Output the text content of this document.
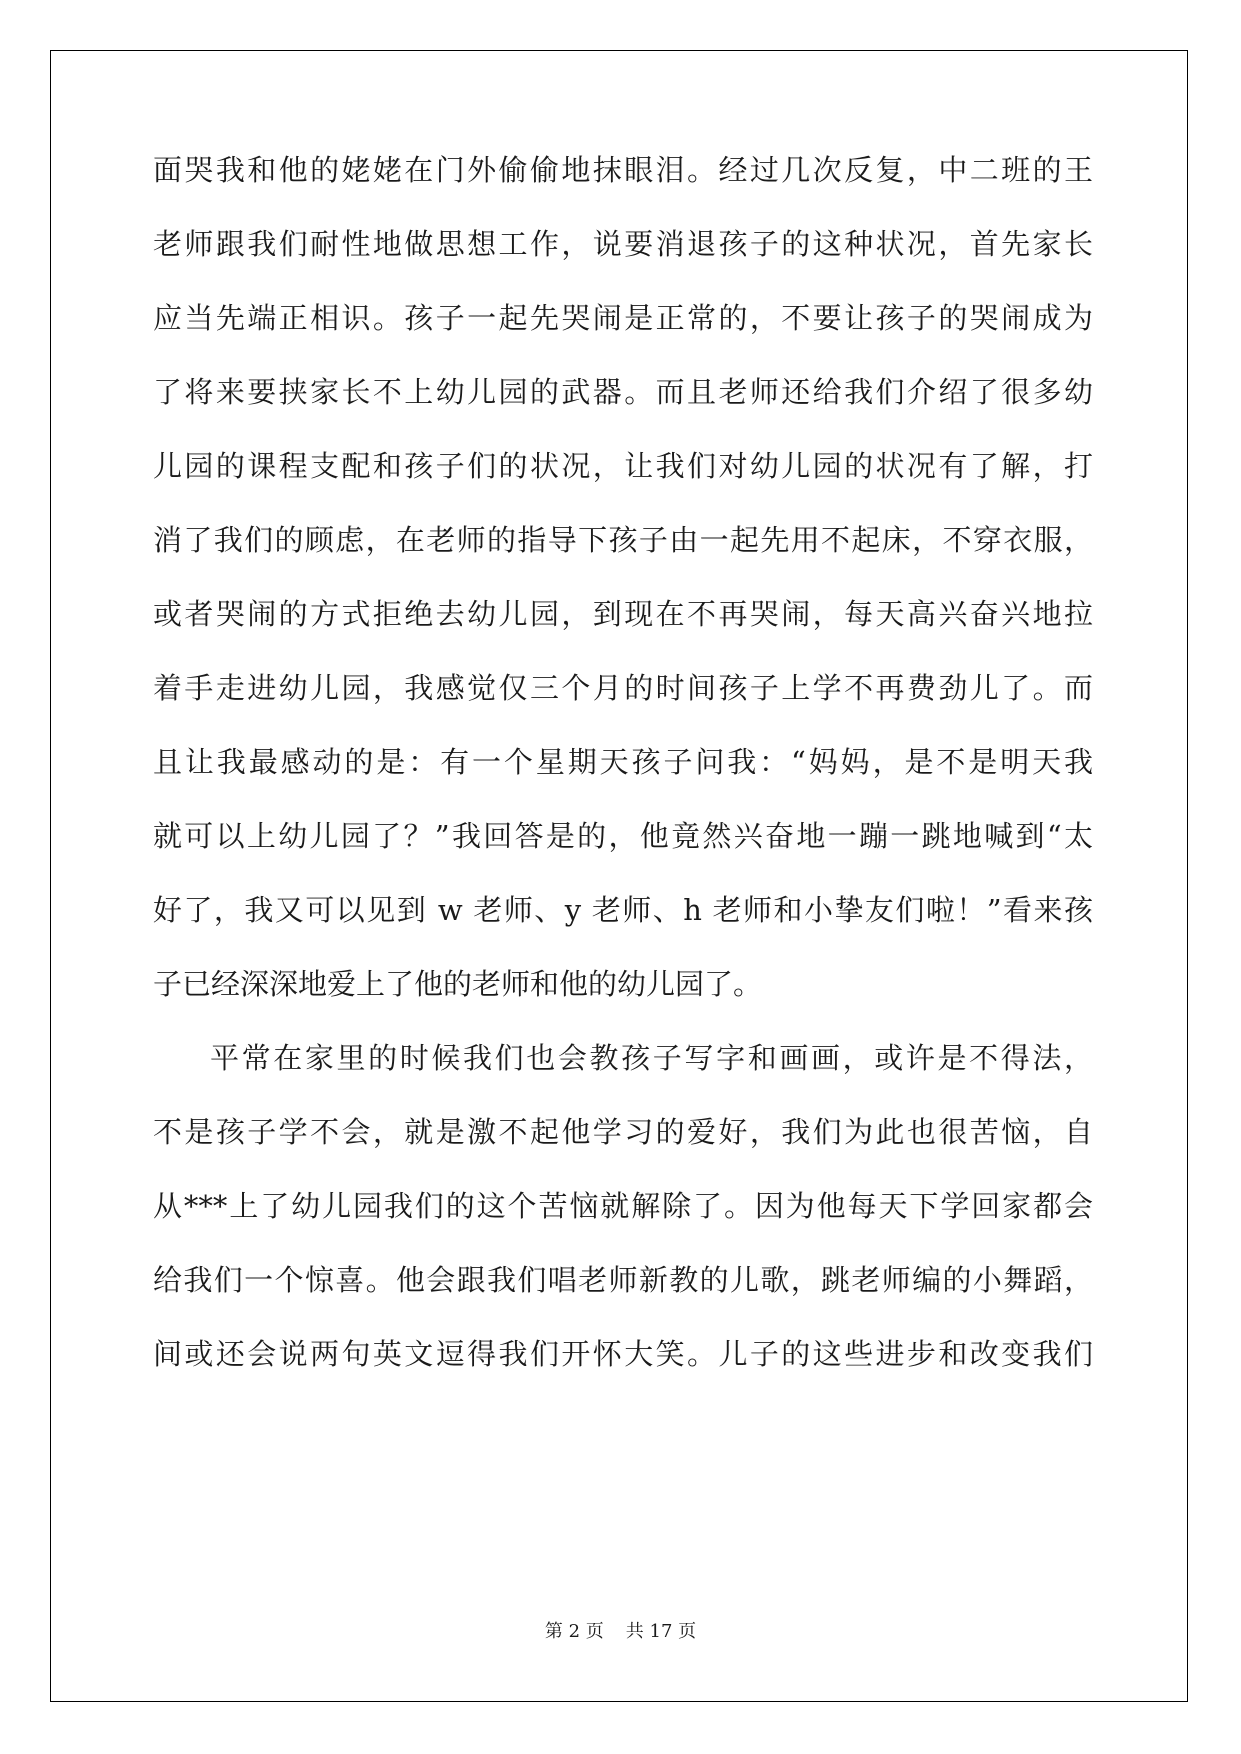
面哭我和他的姥姥在门外偷偷地抹眼泪。经过几次反复，中二班的王
老师跟我们耐性地做思想工作，说要消退孩子的这种状况，首先家长
应当先端正相识。孩子一起先哭闹是正常的，不要让孩子的哭闹成为
了将来要挟家长不上幼儿园的武器。而且老师还给我们介绍了很多幼
儿园的课程支配和孩子们的状况，让我们对幼儿园的状况有了解，打
消了我们的顾虑，在老师的指导下孩子由一起先用不起床，不穿衣服，
或者哭闹的方式拒绝去幼儿园，到现在不再哭闹，每天高兴奋兴地拉
着手走进幼儿园，我感觉仅三个月的时间孩子上学不再费劲儿了。而
且让我最感动的是：有一个星期天孩子问我：“妈妈，是不是明天我
就可以上幼儿园了？”我回答是的，他竟然兴奋地一蹦一跳地喊到“太
好了，我又可以见到 w 老师、y 老师、h 老师和小挚友们啦！”看来孩
子已经深深地爱上了他的老师和他的幼儿园了。
平常在家里的时候我们也会教孩子写字和画画，或许是不得法，
不是孩子学不会，就是激不起他学习的爱好，我们为此也很苦恼，自
从***上了幼儿园我们的这个苦恼就解除了。因为他每天下学回家都会
给我们一个惊喜。他会跟我们唱老师新教的儿歌，跳老师编的小舞蹈，
间或还会说两句英文逗得我们开怀大笑。儿子的这些进步和改变我们
第 2 页 共 17 页
